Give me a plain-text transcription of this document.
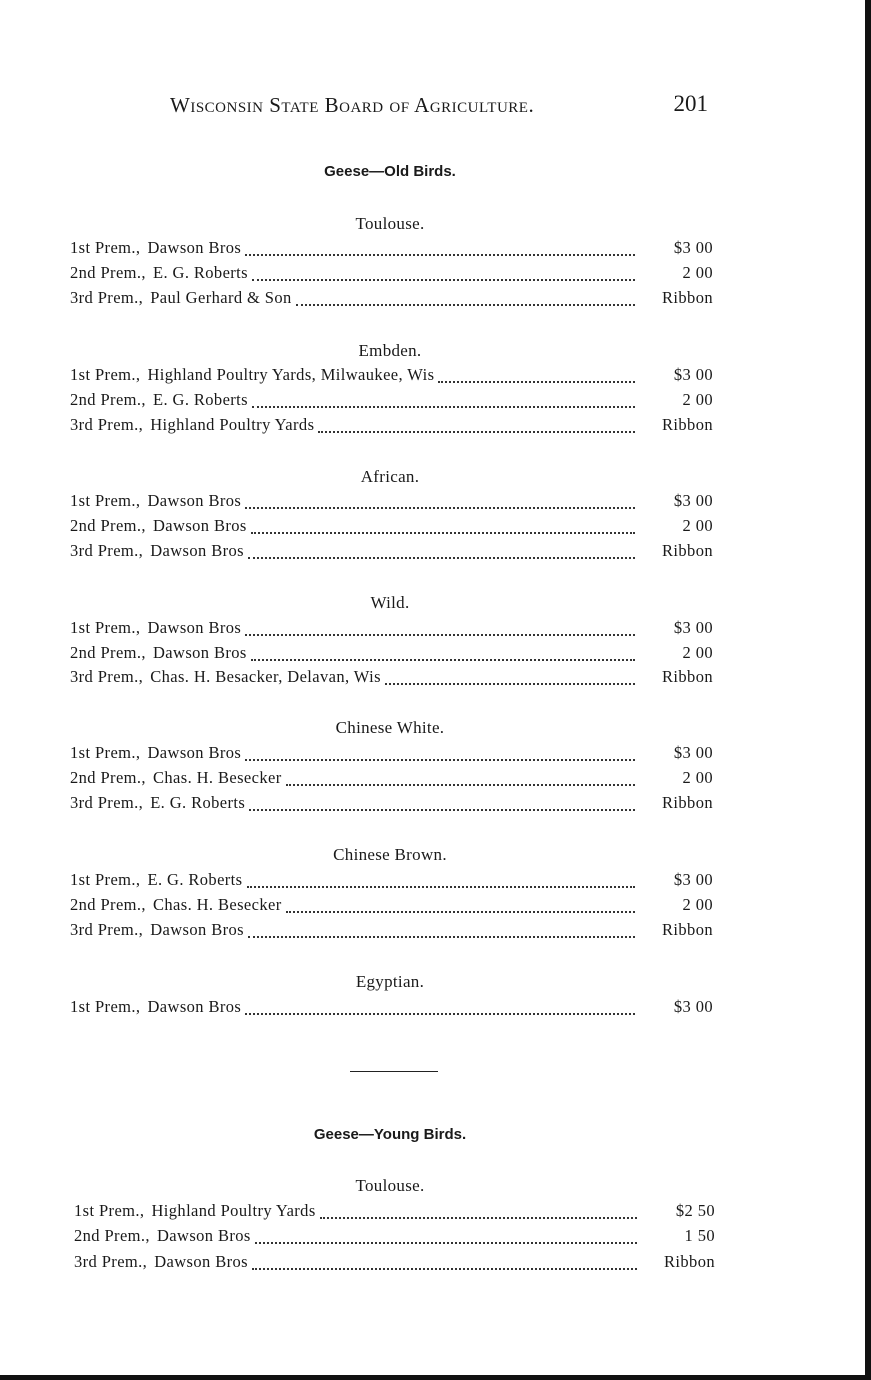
Wisconsin State Board of Agriculture.	201
Geese—Old Birds.
Toulouse.
1st Prem., Dawson Bros	$3 00
2nd Prem., E. G. Roberts	2 00
3rd Prem., Paul Gerhard & Son	Ribbon
Embden.
1st Prem., Highland Poultry Yards, Milwaukee, Wis	$3 00
2nd Prem., E. G. Roberts	2 00
3rd Prem., Highland Poultry Yards	Ribbon
African.
1st Prem., Dawson Bros	$3 00
2nd Prem., Dawson Bros	2 00
3rd Prem., Dawson Bros	Ribbon
Wild.
1st Prem., Dawson Bros	$3 00
2nd Prem., Dawson Bros	2 00
3rd Prem., Chas. H. Besacker, Delavan, Wis	Ribbon
Chinese White.
1st Prem., Dawson Bros	$3 00
2nd Prem., Chas. H. Besecker	2 00
3rd Prem., E. G. Roberts	Ribbon
Chinese Brown.
1st Prem., E. G. Roberts	$3 00
2nd Prem., Chas. H. Besecker	2 00
3rd Prem., Dawson Bros	Ribbon
Egyptian.
1st Prem., Dawson Bros	$3 00
Geese—Young Birds.
Toulouse.
1st Prem., Highland Poultry Yards	$2 50
2nd Prem., Dawson Bros	1 50
3rd Prem., Dawson Bros	Ribbon
